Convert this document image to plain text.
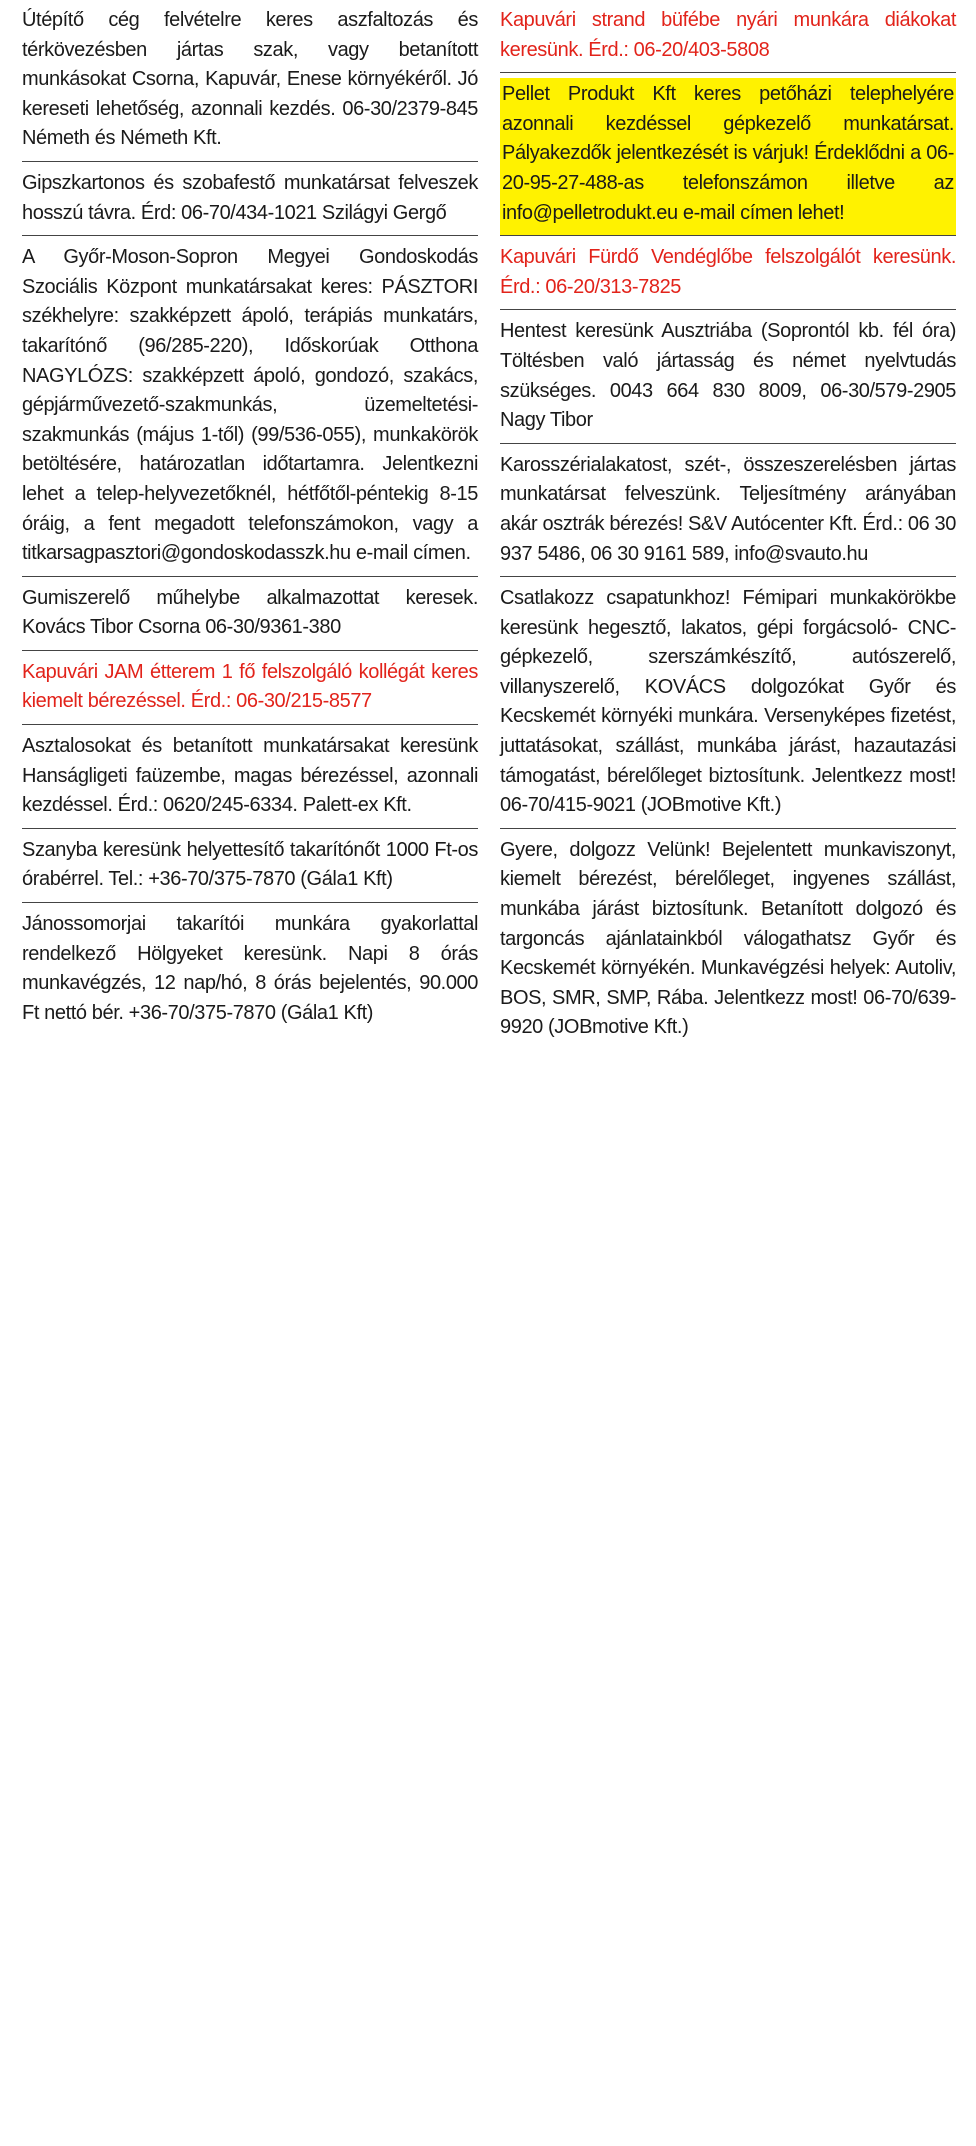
Útépítő cég felvételre keres aszfaltozás és térkövezésben jártas szak, vagy betanított munkásokat Csorna, Kapuvár, Enese környékéről. Jó kereseti lehetőség, azonnali kezdés. 06-30/2379-845 Németh és Németh Kft.
Gipszkartonos és szobafestő munkatársat felveszek hosszú távra. Érd: 06-70/434-1021 Szilágyi Gergő
A Győr-Moson-Sopron Megyei Gondoskodás Szociális Központ munkatársakat keres: PÁSZTORI székhelyre: szakképzett ápoló, terápiás munkatárs, takarítónő (96/285-220), Időskorúak Otthona NAGYLÓZS: szakképzett ápoló, gondozó, szakács, gépjárművezető-szakmunkás, üzemeltetési-szakmunkás (május 1-től) (99/536-055), munkakörök betöltésére, határozatlan időtartamra. Jelentkezni lehet a telep-helyvezetőknél, hétfőtől-péntekig 8-15 óráig, a fent megadott telefonszámokon, vagy a titkarsagpasztori@gondoskodasszk.hu e-mail címen.
Gumiszerelő műhelybe alkalmazottat keresek. Kovács Tibor Csorna 06-30/9361-380
Kapuvári JAM étterem 1 fő felszolgáló kollégát keres kiemelt bérezéssel. Érd.: 06-30/215-8577
Asztalosokat és betanított munkatársakat keresünk Hanságligeti faüzembe, magas bérezéssel, azonnali kezdéssel. Érd.: 0620/245-6334. Palett-ex Kft.
Szanyba keresünk helyettesítő takarítónőt 1000 Ft-os órabérrel. Tel.: +36-70/375-7870 (Gála1 Kft)
Jánossomorjai takarítói munkára gyakorlattal rendelkező Hölgyeket keresünk. Napi 8 órás munkavégzés, 12 nap/hó, 8 órás bejelentés, 90.000 Ft nettó bér. +36-70/375-7870 (Gála1 Kft)
Kapuvári strand büfébe nyári munkára diákokat keresünk. Érd.: 06-20/403-5808
Pellet Produkt Kft keres petőházi telephelyére azonnali kezdéssel gépkezelő munkatársat. Pályakezdők jelentkezését is várjuk! Érdeklődni a 06-20-95-27-488-as telefonszámon illetve az info@pelletrodukt.eu e-mail címen lehet!
Kapuvári Fürdő Vendéglőbe felszolgálót keresünk. Érd.: 06-20/313-7825
Hentest keresünk Ausztriába (Soprontól kb. fél óra) Töltésben való jártasság és német nyelvtudás szükséges. 0043 664 830 8009, 06-30/579-2905 Nagy Tibor
Karosszérialakatost, szét-, összeszerelésben jártas munkatársat felveszünk. Teljesítmény arányában akár osztrák bérezés! S&V Autócenter Kft. Érd.: 06 30 937 5486, 06 30 9161 589, info@svauto.hu
Csatlakozz csapatunkhoz! Fémipari munkakörökbe keresünk hegesztő, lakatos, gépi forgácsoló- CNC-gépkezelő, szerszámkészítő, autószerelő, villanyszerelő, KOVÁCS dolgozókat Győr és Kecskemét környéki munkára. Versenyképes fizetést, juttatásokat, szállást, munkába járást, hazautazási támogatást, bérelőleget biztosítunk. Jelentkezz most! 06-70/415-9021 (JOBmotive Kft.)
Gyere, dolgozz Velünk! Bejelentett munkaviszonyt, kiemelt bérezést, bérelőleget, ingyenes szállást, munkába járást biztosítunk. Betanított dolgozó és targoncás ajánlatainkból válogathatsz Győr és Kecskemét környékén. Munkavégzési helyek: Autoliv, BOS, SMR, SMP, Rába. Jelentkezz most! 06-70/639-9920 (JOBmotive Kft.)
